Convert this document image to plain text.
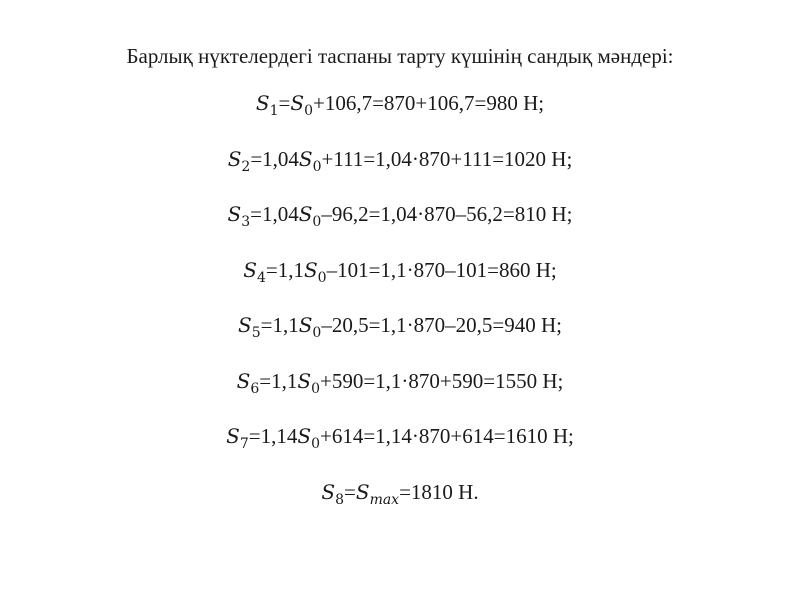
Барлық нүктелердегі таспаны тарту күшінің сандық мәндері:
$S_1=S_0+106,7=870+106,7=980$ Н;
$S_2=1,04S_0+111=1,04\cdot 870+111=1020$ Н;
$S_3=1,04S_0-96,2=1,04\cdot 870-56,2=810$ Н;
$S_4=1,1S_0-101=1,1\cdot 870-101=860$ Н;
$S_5=1,1S_0-20,5=1,1\cdot 870-20,5=940$ Н;
$S_6=1,1S_0+590=1,1\cdot 870+590=1550$ Н;
$S_7=1,14S_0+614=1,14\cdot 870+614=1610$ Н;
$S_8=S_{max}=1810$ Н.
